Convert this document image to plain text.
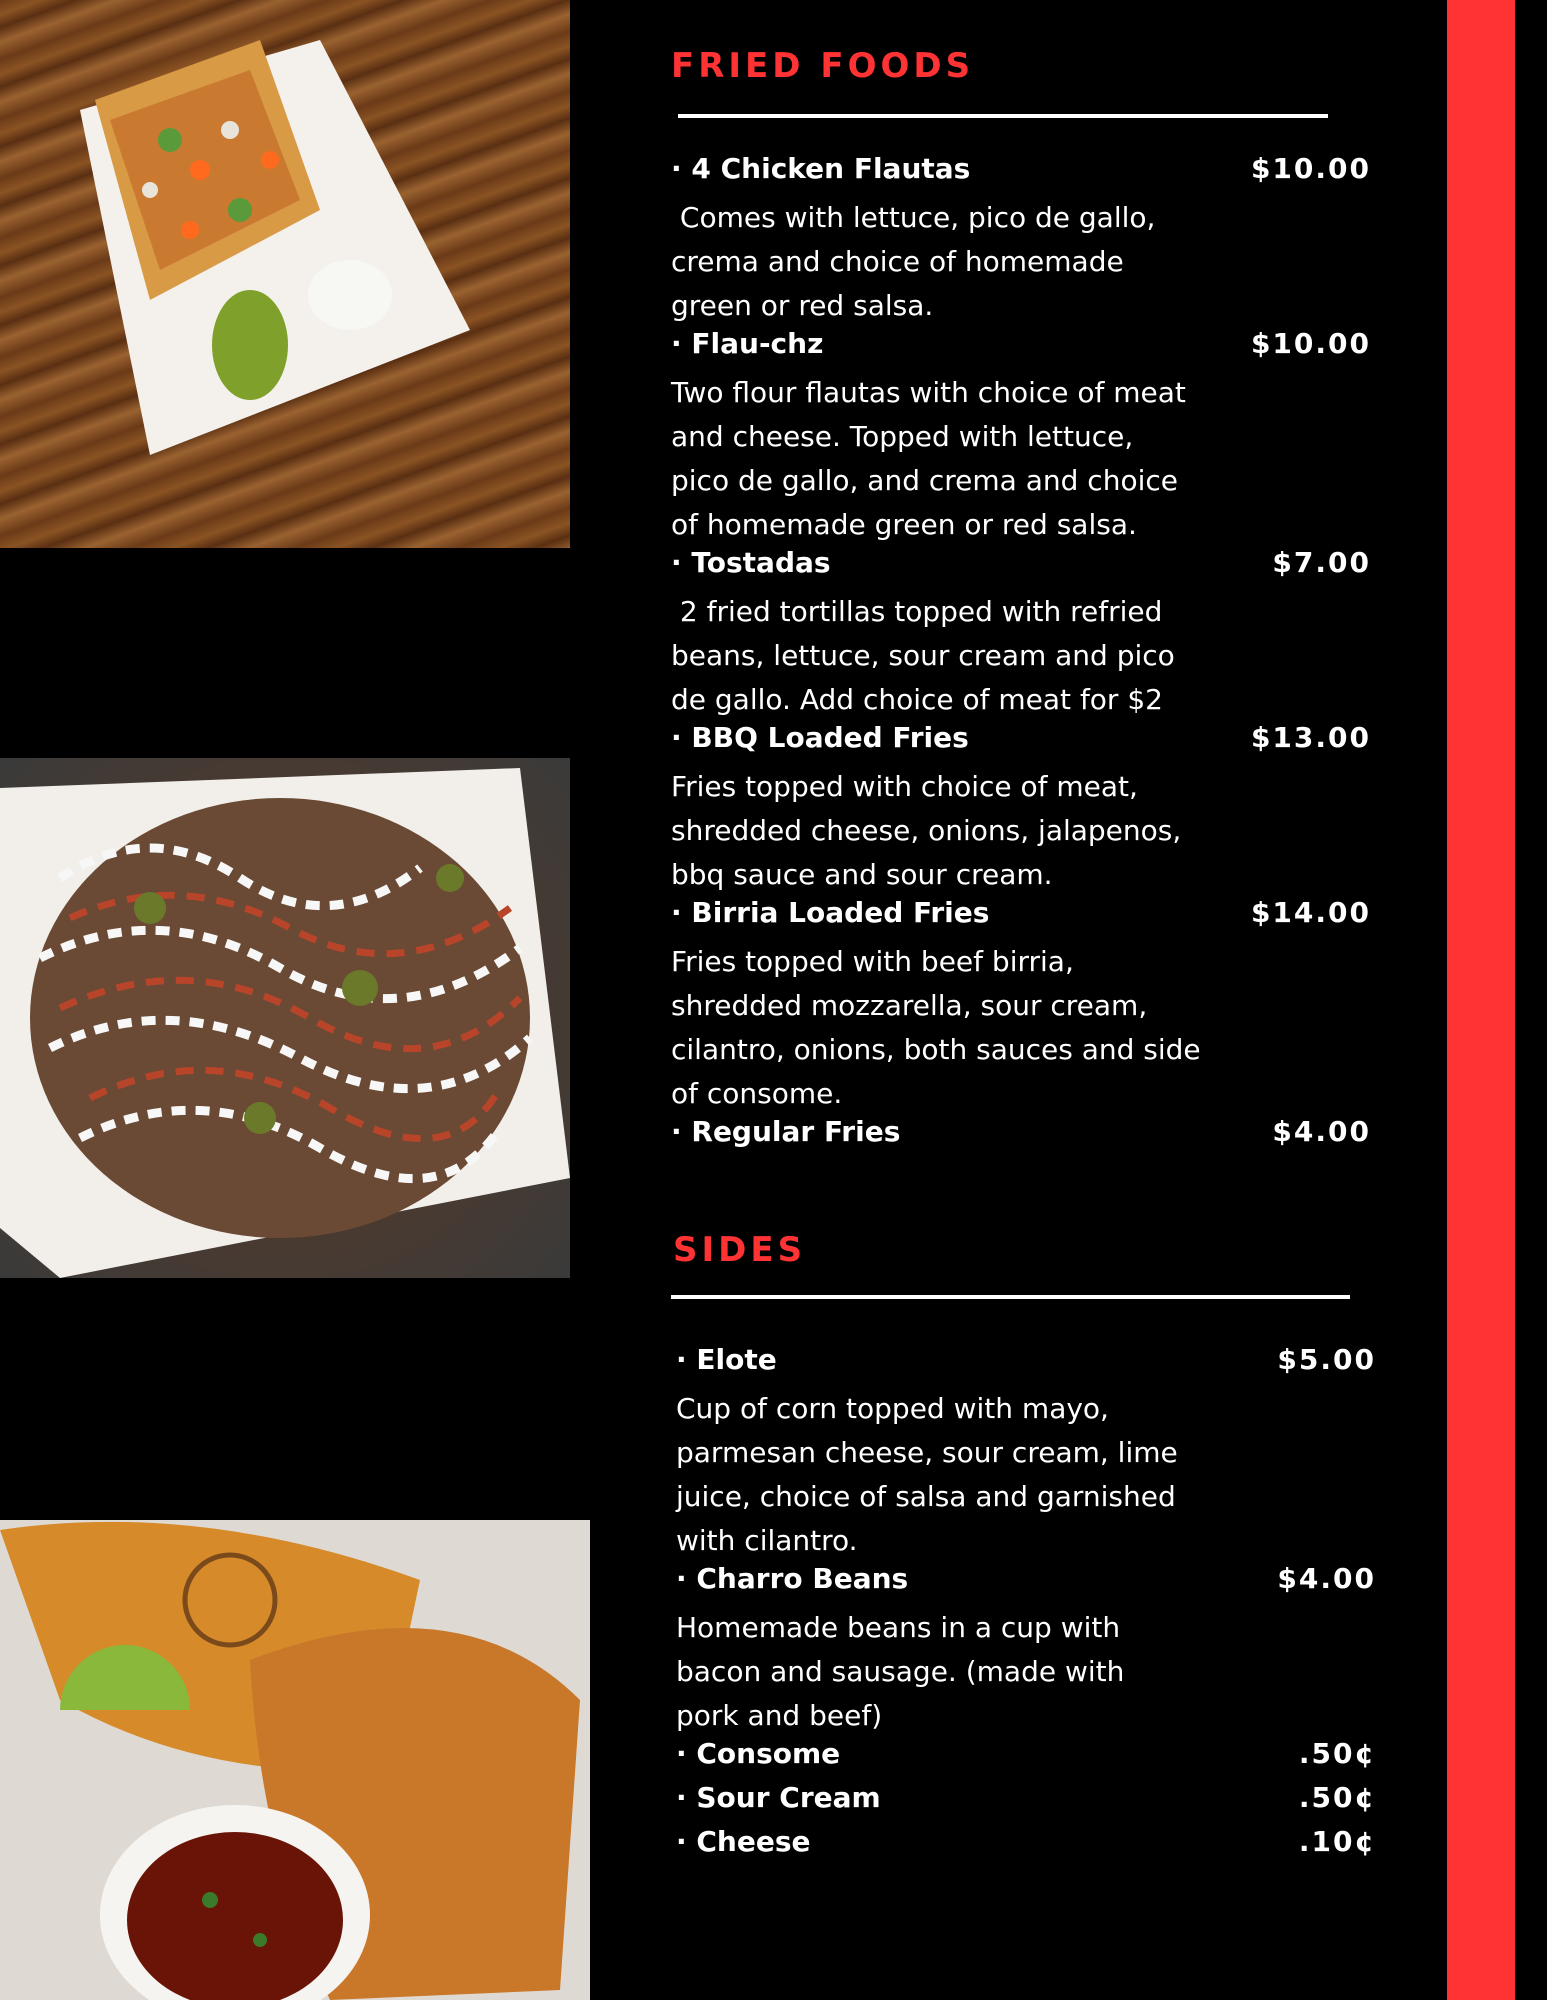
FRIED FOODS
· 4 Chicken Flautas	$10.00
Comes with lettuce, pico de gallo,
crema and choice of homemade
green or red salsa.
· Flau-chz	$10.00
Two flour flautas with choice of meat
and cheese. Topped with lettuce,
pico de gallo, and crema and choice
of homemade green or red salsa.
· Tostadas	$7.00
2 fried tortillas topped with refried
beans, lettuce, sour cream and pico
de gallo. Add choice of meat for $2
· BBQ Loaded Fries	$13.00
Fries topped with choice of meat,
shredded cheese, onions, jalapenos,
bbq sauce and sour cream.
· Birria Loaded Fries	$14.00
Fries topped with beef birria,
shredded mozzarella, sour cream,
cilantro, onions, both sauces and side
of consome.
· Regular Fries	$4.00
SIDES
· Elote	$5.00
Cup of corn topped with mayo,
parmesan cheese, sour cream, lime
juice, choice of salsa and garnished
with cilantro.
· Charro Beans	$4.00
Homemade beans in a cup with
bacon and sausage. (made with
pork and beef)
· Consome	.50¢
· Sour Cream	.50¢
· Cheese	.10¢
